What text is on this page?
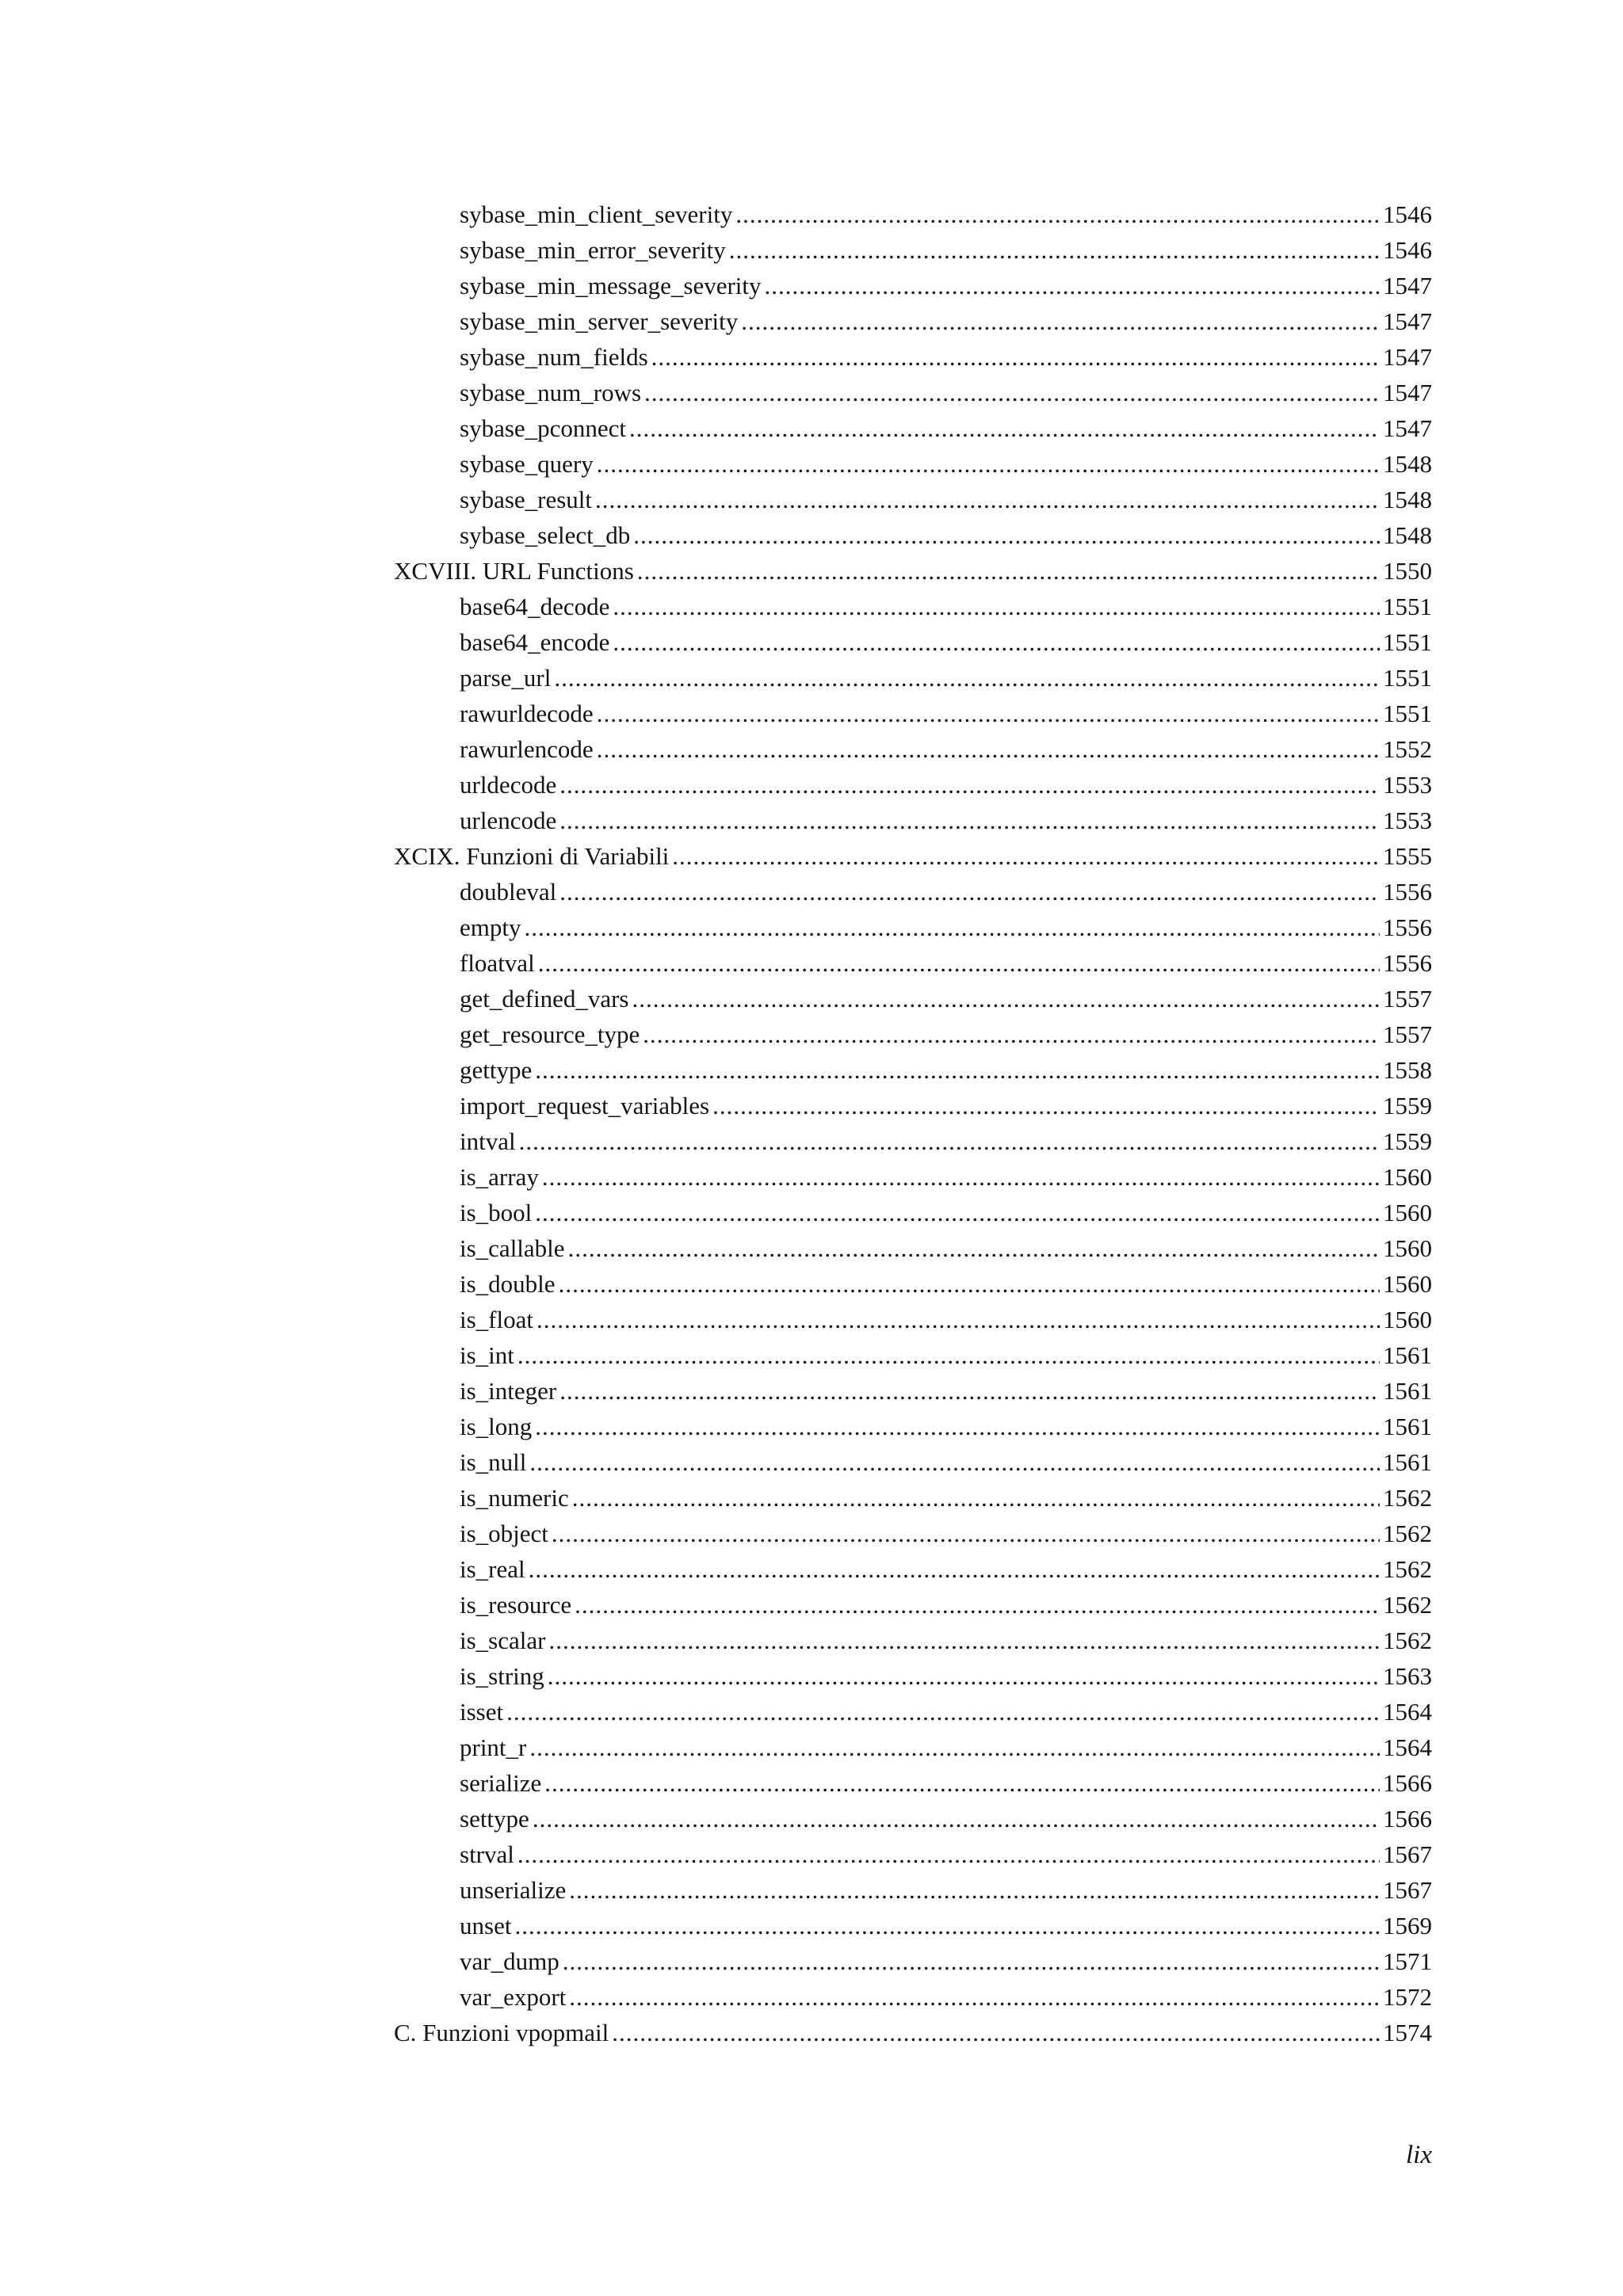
sybase_min_client_severity .....	1546
sybase_min_error_severity .....	1546
sybase_min_message_severity .....	1547
sybase_min_server_severity .....	1547
sybase_num_fields .....	1547
sybase_num_rows .....	1547
sybase_pconnect .....	1547
sybase_query .....	1548
sybase_result .....	1548
sybase_select_db .....	1548
XCVIII. URL Functions .....	1550
base64_decode .....	1551
base64_encode .....	1551
parse_url .....	1551
rawurldecode .....	1551
rawurlencode .....	1552
urldecode .....	1553
urlencode .....	1553
XCIX. Funzioni di Variabili .....	1555
doubleval .....	1556
empty .....	1556
floatval .....	1556
get_defined_vars .....	1557
get_resource_type .....	1557
gettype .....	1558
import_request_variables .....	1559
intval .....	1559
is_array .....	1560
is_bool .....	1560
is_callable .....	1560
is_double .....	1560
is_float .....	1560
is_int .....	1561
is_integer .....	1561
is_long .....	1561
is_null .....	1561
is_numeric .....	1562
is_object .....	1562
is_real .....	1562
is_resource .....	1562
is_scalar .....	1562
is_string .....	1563
isset .....	1564
print_r .....	1564
serialize .....	1566
settype .....	1566
strval .....	1567
unserialize .....	1567
unset .....	1569
var_dump .....	1571
var_export .....	1572
C. Funzioni vpopmail .....	1574
lix
